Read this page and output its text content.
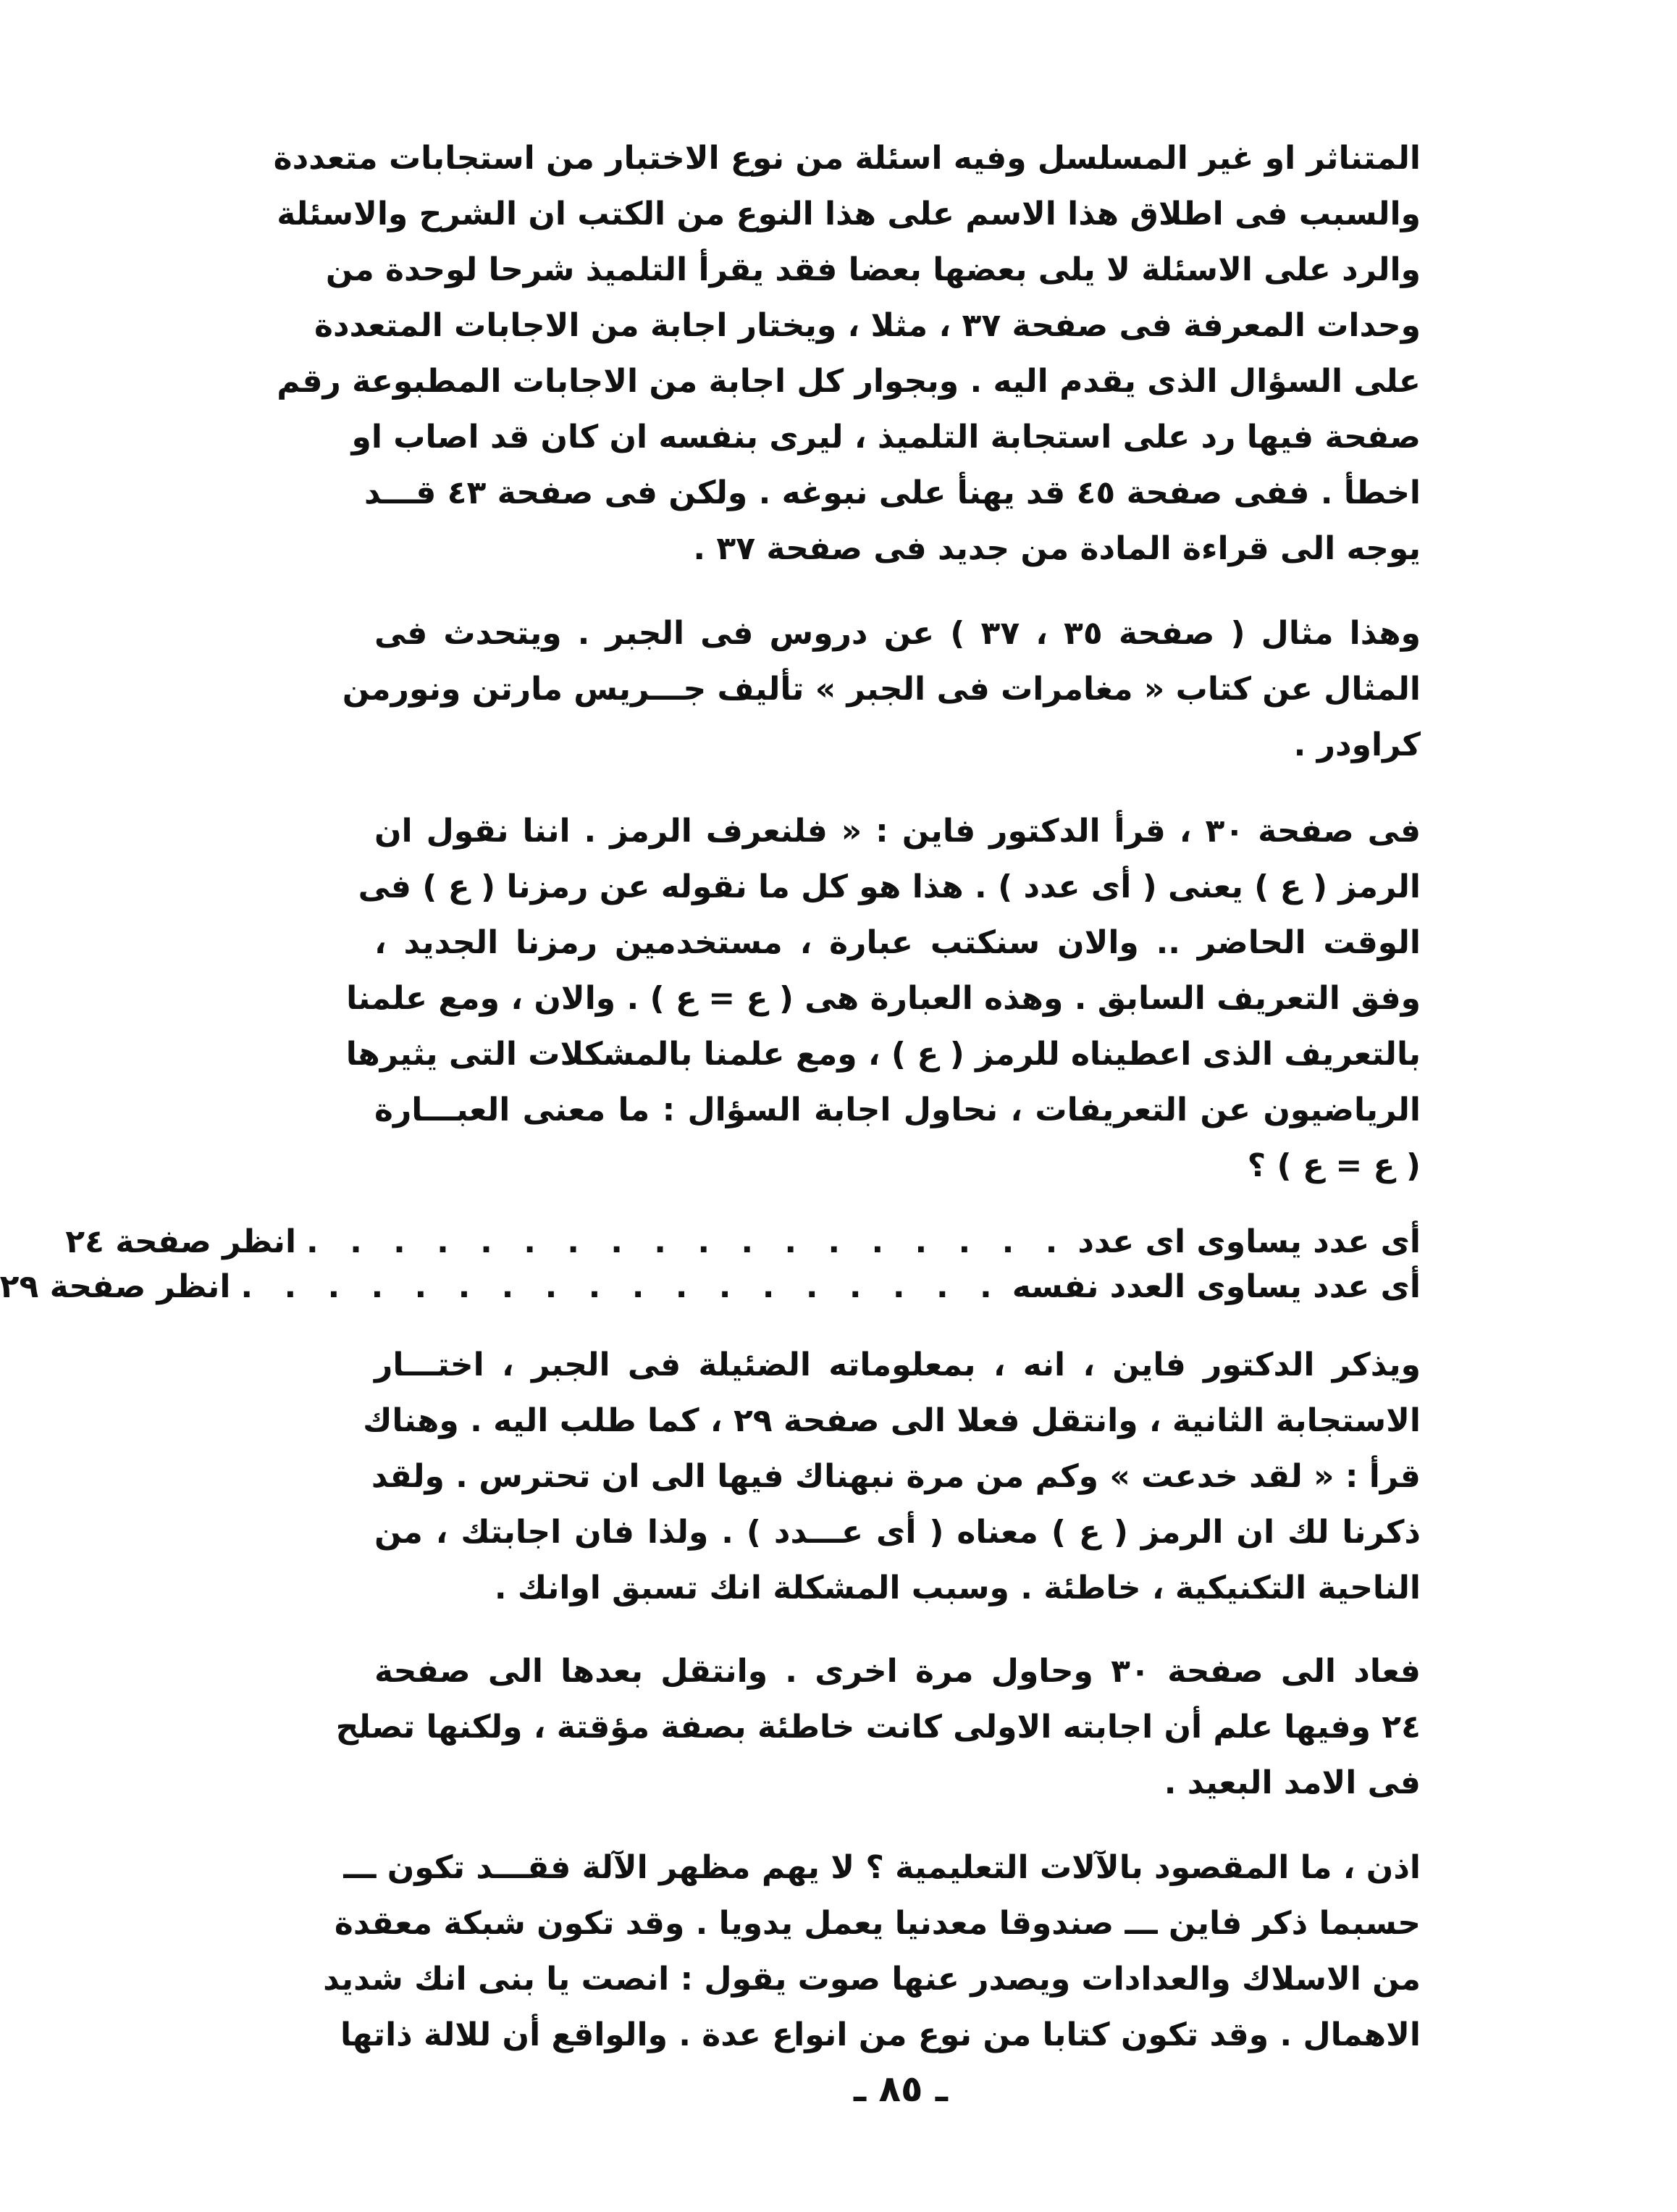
المتناثر او غير المسلسل وفيه اسئلة من نوع الاختبار من استجابات متعددة
والسبب فى اطلاق هذا الاسم على هذا النوع من الكتب ان الشرح والاسئلة
والرد على الاسئلة لا يلى بعضها بعضا فقد يقرأ التلميذ شرحا لوحدة من
وحدات المعرفة فى صفحة ٣٧ ، مثلا ، ويختار اجابة من الاجابات المتعددة
على السؤال الذى يقدم اليه . وبجوار كل اجابة من الاجابات المطبوعة رقم
صفحة فيها رد على استجابة التلميذ ، ليرى بنفسه ان كان قد اصاب او
اخطأ . ففى صفحة ٤٥ قد يهنأ على نبوغه . ولكن فى صفحة ٤٣ قـــد
يوجه الى قراءة المادة من جديد فى صفحة ٣٧ .
وهذا مثال ( صفحة ٣٥ ، ٣٧ ) عن دروس فى الجبر . ويتحدث فى
المثال عن كتاب « مغامرات فى الجبر » تأليف جـــريس مارتن ونورمن
كراودر .
فى صفحة ٣٠ ، قرأ الدكتور فاين : « فلنعرف الرمز . اننا نقول ان
الرمز ( ع ) يعنى ( أى عدد ) . هذا هو كل ما نقوله عن رمزنا ( ع ) فى
الوقت الحاضر .. والان سنكتب عبارة ، مستخدمين رمزنا الجديد ،
وفق التعريف السابق . وهذه العبارة هى ( ع = ع ) . والان ، ومع علمنا
بالتعريف الذى اعطيناه للرمز ( ع ) ، ومع علمنا بالمشكلات التى يثيرها
الرياضيون عن التعريفات ، نحاول اجابة السؤال : ما معنى العبـــارة
( ع = ع ) ؟
أى عدد يساوى اى عدد
. . . . . . . . . . . . . . . . . .
انظر صفحة ٢٤
أى عدد يساوى العدد نفسه
. . . . . . . . . . . . . . . . . .
انظر صفحة ٢٩
ويذكر الدكتور فاين ، انه ، بمعلوماته الضئيلة فى الجبر ، اختـــار
الاستجابة الثانية ، وانتقل فعلا الى صفحة ٢٩ ، كما طلب اليه . وهناك
قرأ : « لقد خدعت » وكم من مرة نبهناك فيها الى ان تحترس . ولقد
ذكرنا لك ان الرمز ( ع ) معناه ( أى عـــدد ) . ولذا فان اجابتك ، من
الناحية التكنيكية ، خاطئة . وسبب المشكلة انك تسبق اوانك .
فعاد الى صفحة ٣٠ وحاول مرة اخرى . وانتقل بعدها الى صفحة
٢٤ وفيها علم أن اجابته الاولى كانت خاطئة بصفة مؤقتة ، ولكنها تصلح
فى الامد البعيد .
اذن ، ما المقصود بالآلات التعليمية ؟ لا يهم مظهر الآلة فقـــد تكون ـــ
حسبما ذكر فاين ـــ صندوقا معدنيا يعمل يدويا . وقد تكون شبكة معقدة
من الاسلاك والعدادات ويصدر عنها صوت يقول : انصت يا بنى انك شديد
الاهمال . وقد تكون كتابا من نوع من انواع عدة . والواقع أن للالة ذاتها
ـ ٨٥ ـ
